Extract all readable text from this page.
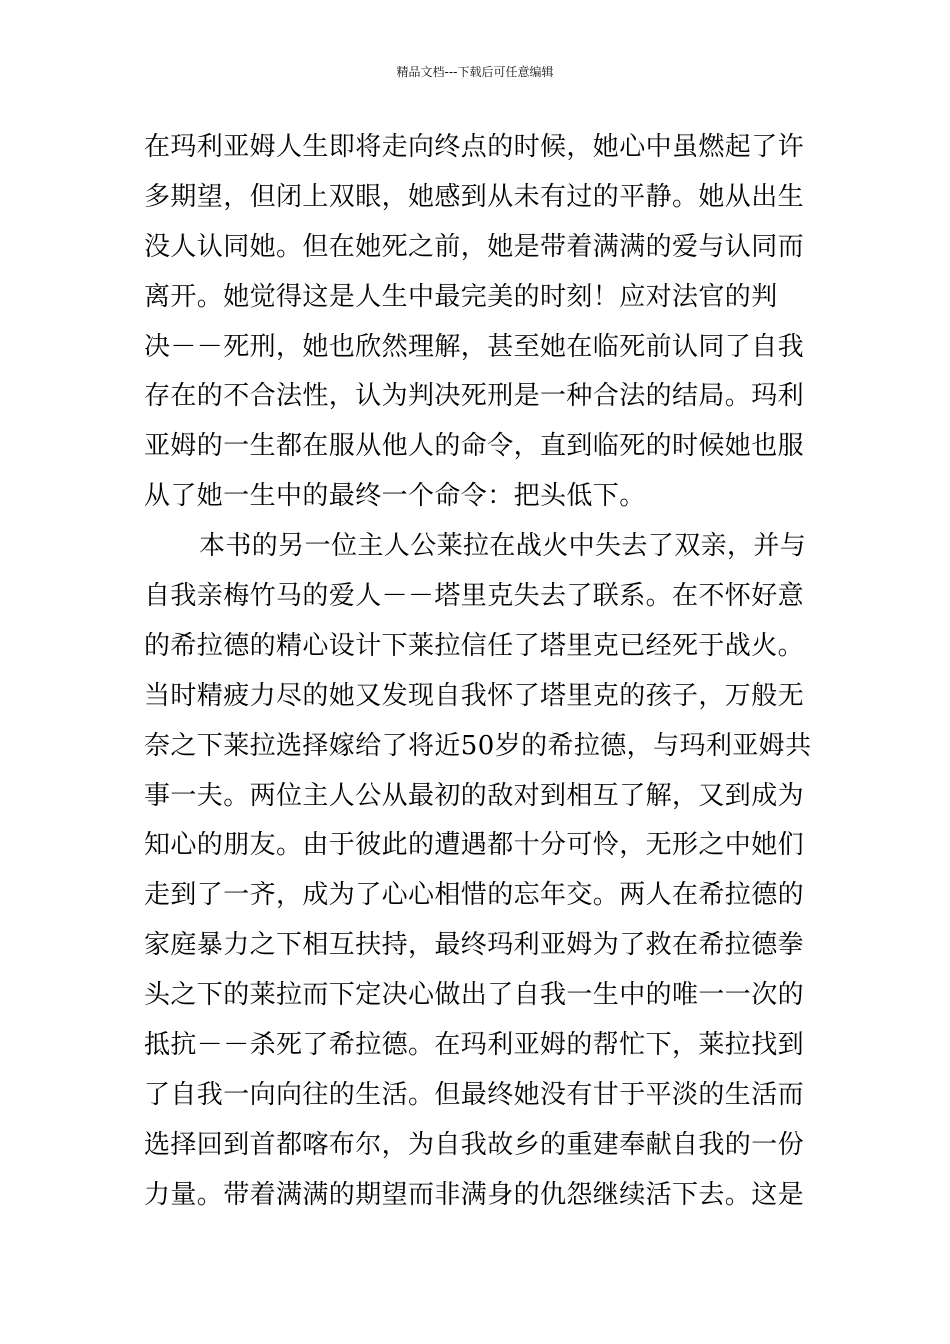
精品文档---下载后可任意编辑
在玛利亚姆人生即将走向终点的时候，她心中虽燃起了许
多期望，但闭上双眼，她感到从未有过的平静。她从出生
没人认同她。但在她死之前，她是带着满满的爱与认同而
离开。她觉得这是人生中最完美的时刻！应对法官的判
决－－死刑，她也欣然理解，甚至她在临死前认同了自我
存在的不合法性，认为判决死刑是一种合法的结局。玛利
亚姆的一生都在服从他人的命令，直到临死的时候她也服
从了她一生中的最终一个命令：把头低下。
本书的另一位主人公莱拉在战火中失去了双亲，并与
自我亲梅竹马的爱人－－塔里克失去了联系。在不怀好意
的希拉德的精心设计下莱拉信任了塔里克已经死于战火。
当时精疲力尽的她又发现自我怀了塔里克的孩子，万般无
奈之下莱拉选择嫁给了将近50岁的希拉德，与玛利亚姆共
事一夫。两位主人公从最初的敌对到相互了解，又到成为
知心的朋友。由于彼此的遭遇都十分可怜，无形之中她们
走到了一齐，成为了心心相惜的忘年交。两人在希拉德的
家庭暴力之下相互扶持，最终玛利亚姆为了救在希拉德拳
头之下的莱拉而下定决心做出了自我一生中的唯一一次的
抵抗－－杀死了希拉德。在玛利亚姆的帮忙下，莱拉找到
了自我一向向往的生活。但最终她没有甘于平淡的生活而
选择回到首都喀布尔，为自我故乡的重建奉献自我的一份
力量。带着满满的期望而非满身的仇怨继续活下去。这是
